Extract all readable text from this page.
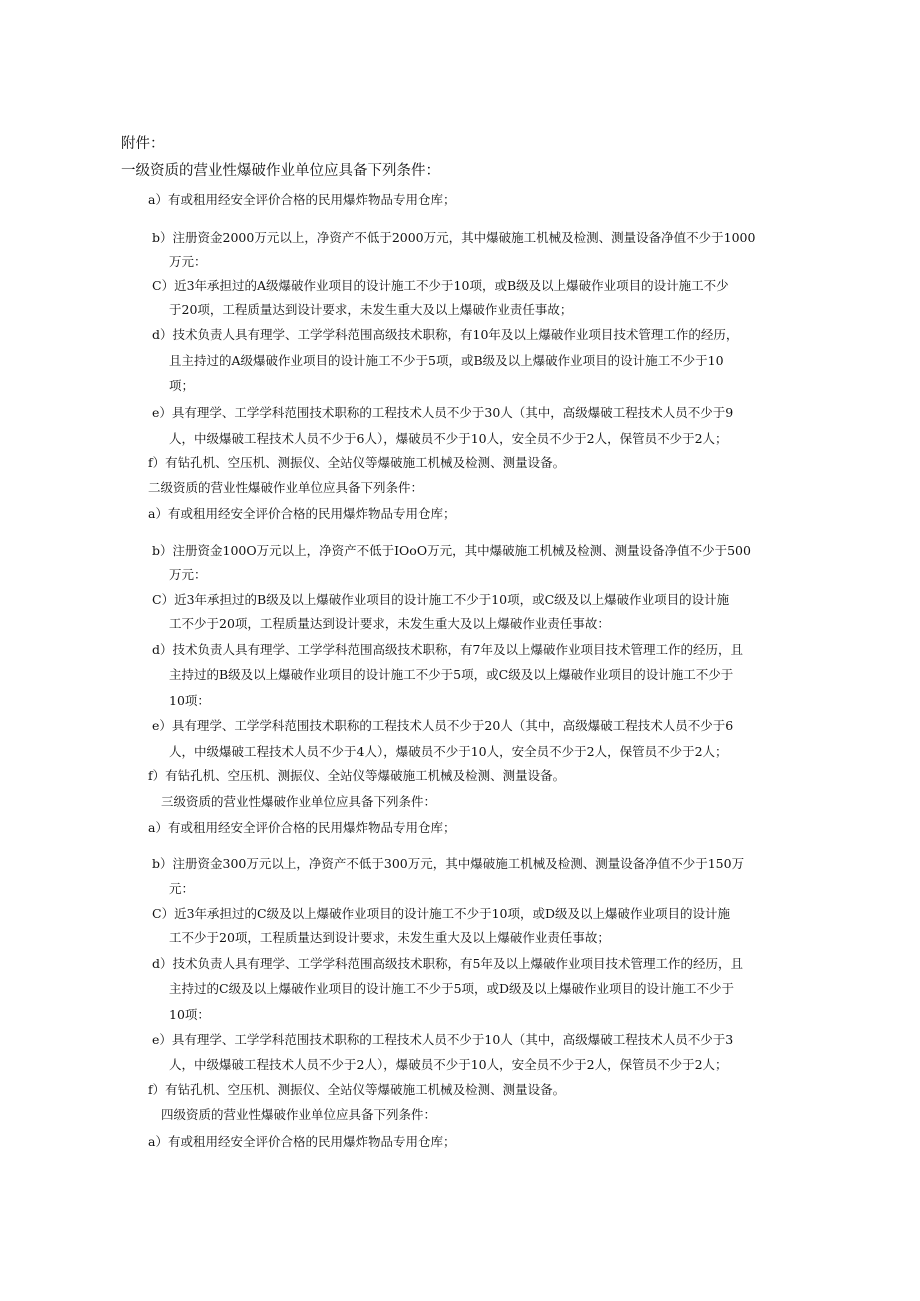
附件：
一级资质的营业性爆破作业单位应具备下列条件：
a）有或租用经安全评价合格的民用爆炸物品专用仓库；
b）注册资金2000万元以上，净资产不低于2000万元，其中爆破施工机械及检测、测量设备净值不少于1000
万元：
C）近3年承担过的A级爆破作业项目的设计施工不少于10项，或B级及以上爆破作业项目的设计施工不少
于20项，工程质量达到设计要求，未发生重大及以上爆破作业责任事故；
d）技术负责人具有理学、工学学科范围高级技术职称，有10年及以上爆破作业项目技术管理工作的经历，
且主持过的A级爆破作业项目的设计施工不少于5项，或B级及以上爆破作业项目的设计施工不少于10
项；
e）具有理学、工学学科范围技术职称的工程技术人员不少于30人（其中，高级爆破工程技术人员不少于9
人，中级爆破工程技术人员不少于6人），爆破员不少于10人，安全员不少于2人，保管员不少于2人；
f）有钻孔机、空压机、测振仪、全站仪等爆破施工机械及检测、测量设备。
二级资质的营业性爆破作业单位应具备下列条件：
a）有或租用经安全评价合格的民用爆炸物品专用仓库；
b）注册资金100O万元以上，净资产不低于IOoO万元，其中爆破施工机械及检测、测量设备净值不少于500
万元：
C）近3年承担过的B级及以上爆破作业项目的设计施工不少于10项，或C级及以上爆破作业项目的设计施
工不少于20项，工程质量达到设计要求，未发生重大及以上爆破作业责任事故：
d）技术负责人具有理学、工学学科范围高级技术职称，有7年及以上爆破作业项目技术管理工作的经历，且
主持过的B级及以上爆破作业项目的设计施工不少于5项，或C级及以上爆破作业项目的设计施工不少于
10项：
e）具有理学、工学学科范围技术职称的工程技术人员不少于20人（其中，高级爆破工程技术人员不少于6
人，中级爆破工程技术人员不少于4人），爆破员不少于10人，安全员不少于2人，保管员不少于2人；
f）有钻孔机、空压机、测振仪、全站仪等爆破施工机械及检测、测量设备。
三级资质的营业性爆破作业单位应具备下列条件：
a）有或租用经安全评价合格的民用爆炸物品专用仓库；
b）注册资金300万元以上，净资产不低于300万元，其中爆破施工机械及检测、测量设备净值不少于150万
元：
C）近3年承担过的C级及以上爆破作业项目的设计施工不少于10项，或D级及以上爆破作业项目的设计施
工不少于20项，工程质量达到设计要求，未发生重大及以上爆破作业责任事故；
d）技术负责人具有理学、工学学科范围高级技术职称，有5年及以上爆破作业项目技术管理工作的经历，且
主持过的C级及以上爆破作业项目的设计施工不少于5项，或D级及以上爆破作业项目的设计施工不少于
10项：
e）具有理学、工学学科范围技术职称的工程技术人员不少于10人（其中，高级爆破工程技术人员不少于3
人，中级爆破工程技术人员不少于2人），爆破员不少于10人，安全员不少于2人，保管员不少于2人；
f）有钻孔机、空压机、测振仪、全站仪等爆破施工机械及检测、测量设备。
四级资质的营业性爆破作业单位应具备下列条件：
a）有或租用经安全评价合格的民用爆炸物品专用仓库；
